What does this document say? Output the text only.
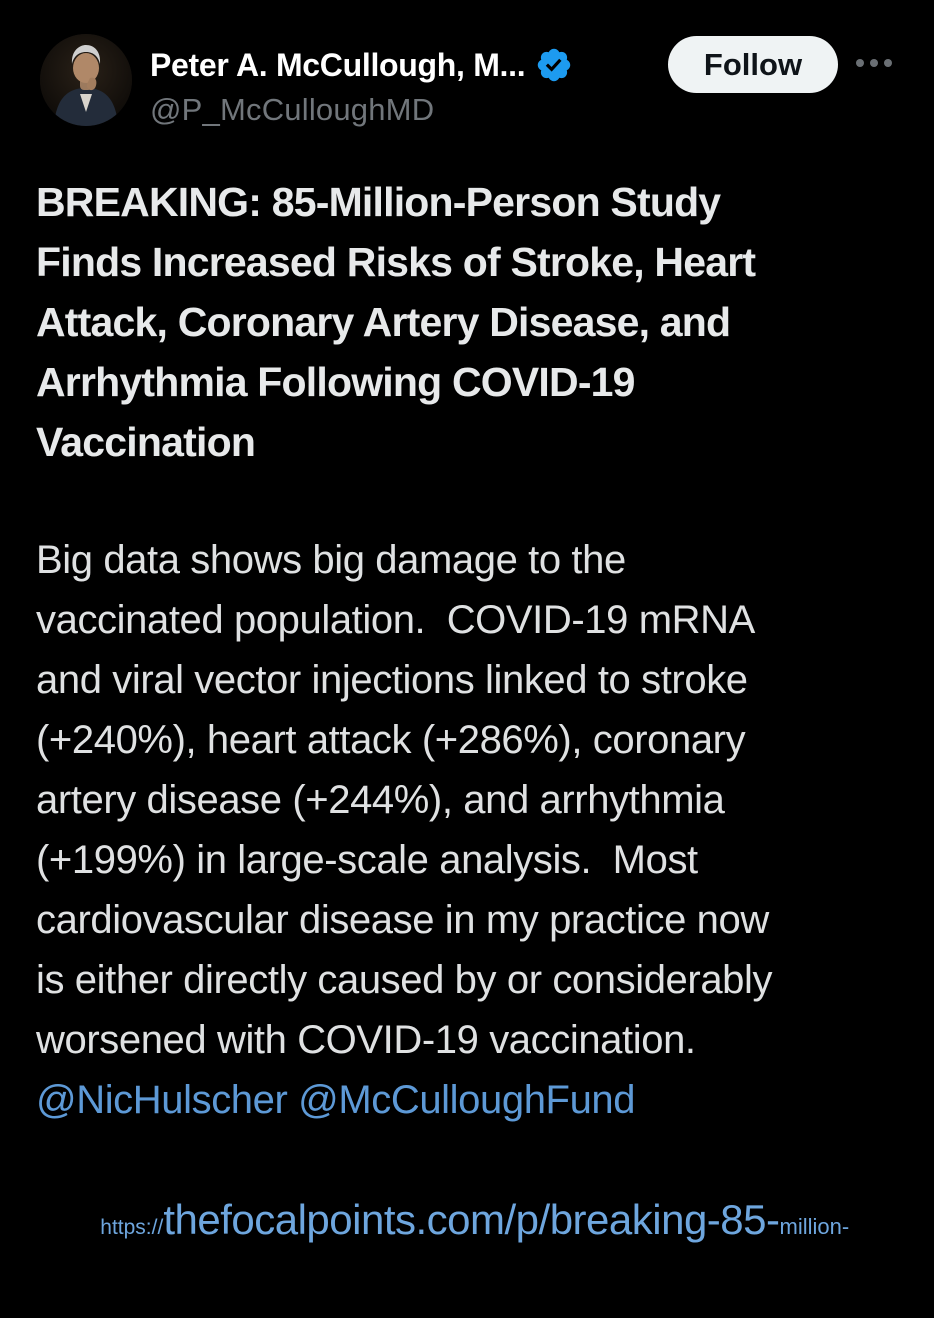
Peter A. McCullough, M...
@P_McCulloughMD
Follow
BREAKING: 85-Million-Person Study
Finds Increased Risks of Stroke, Heart
Attack, Coronary Artery Disease, and
Arrhythmia Following COVID-19
Vaccination
Big data shows big damage to the
vaccinated population.  COVID-19 mRNA
and viral vector injections linked to stroke
(+240%), heart attack (+286%), coronary
artery disease (+244%), and arrhythmia
(+199%) in large-scale analysis.  Most
cardiovascular disease in my practice now
is either directly caused by or considerably
worsened with COVID-19 vaccination.
@NicHulscher @McCulloughFund

https://thefocalpoints.com/p/breaking-85-million-
